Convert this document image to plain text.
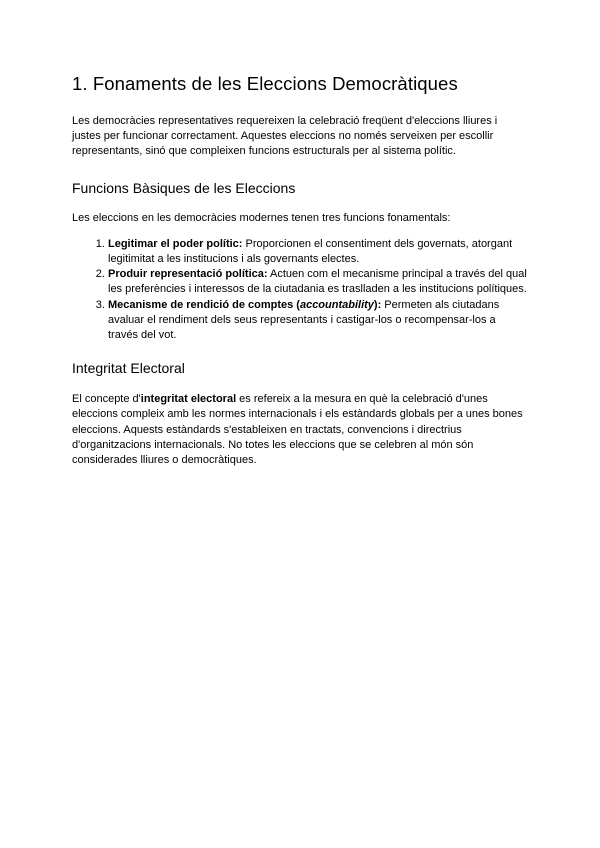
1. Fonaments de les Eleccions Democràtiques

Les democràcies representatives requereixen la celebració freqüent d'eleccions lliures i justes per funcionar correctament. Aquestes eleccions no només serveixen per escollir representants, sinó que compleixen funcions estructurals per al sistema polític.

Funcions Bàsiques de les Eleccions

Les eleccions en les democràcies modernes tenen tres funcions fonamentals:

1. Legitimar el poder polític: Proporcionen el consentiment dels governats, atorgant legitimitat a les institucions i als governants electes.
2. Produir representació política: Actuen com el mecanisme principal a través del qual les preferències i interessos de la ciutadania es traslladen a les institucions polítiques.
3. Mecanisme de rendició de comptes (accountability): Permeten als ciutadans avaluar el rendiment dels seus representants i castigar-los o recompensar-los a través del vot.
Integritat Electoral

El concepte d'integritat electoral es refereix a la mesura en què la celebració d'unes eleccions compleix amb les normes internacionals i els estàndards globals per a unes bones eleccions. Aquests estàndards s'estableixen en tractats, convencions i directrius d'organitzacions internacionals. No totes les eleccions que se celebren al món són considerades lliures o democràtiques.
